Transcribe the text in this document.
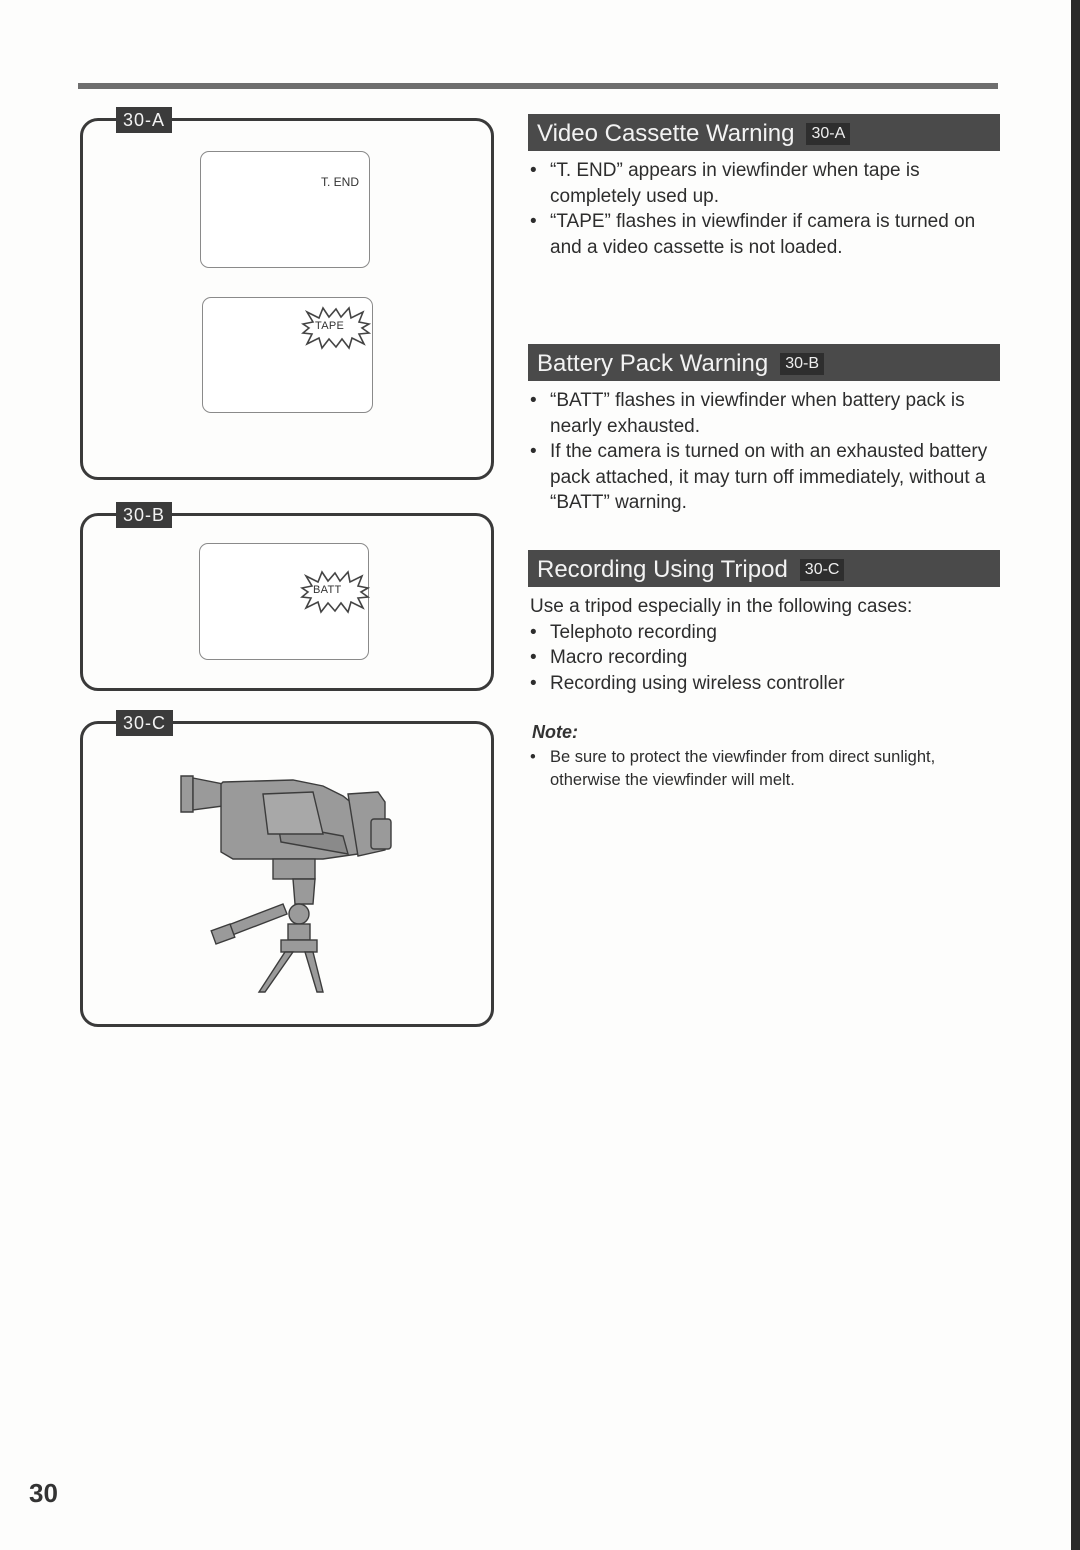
30-A
T. END
TAPE
30-B
BATT
30-C
Video Cassette Warning 30-A
• “T. END” appears in viewfinder when tape is completely used up.
• “TAPE” flashes in viewfinder if camera is turned on and a video cassette is not loaded.
Battery Pack Warning 30-B
• “BATT” flashes in viewfinder when battery pack is nearly exhausted.
• If the camera is turned on with an exhausted battery pack attached, it may turn off immediately, without a “BATT” warning.
Recording Using Tripod 30-C
Use a tripod especially in the following cases:
• Telephoto recording
• Macro recording
• Recording using wireless controller
Note:
• Be sure to protect the viewfinder from direct sunlight, otherwise the viewfinder will melt.
30
